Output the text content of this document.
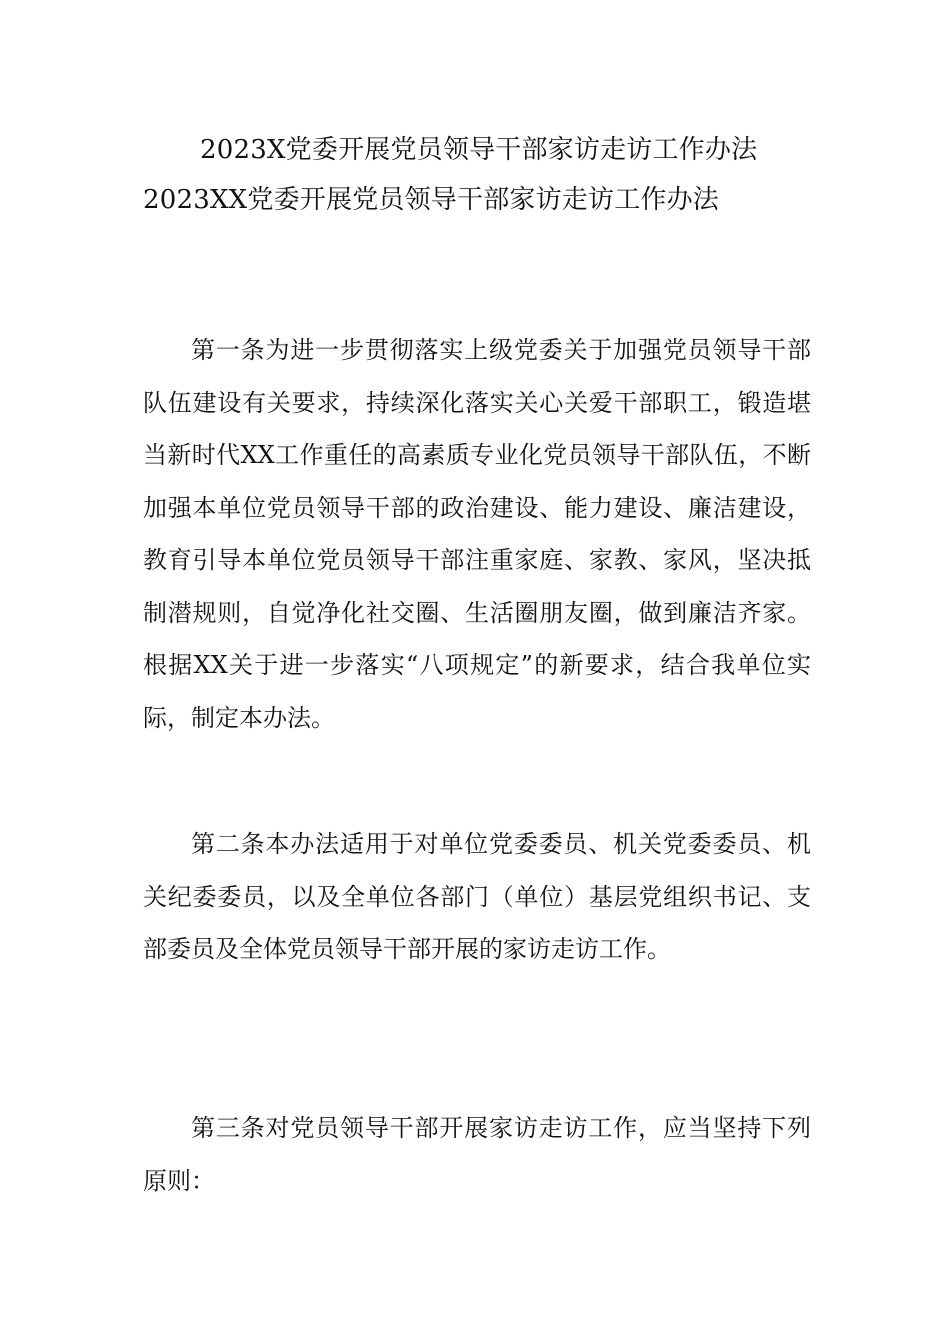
2023X党委开展党员领导干部家访走访工作办法
2023XX党委开展党员领导干部家访走访工作办法

第一条为进一步贯彻落实上级党委关于加强党员领导干部队伍建设有关要求，持续深化落实关心关爱干部职工，锻造堪当新时代XX工作重任的高素质专业化党员领导干部队伍，不断加强本单位党员领导干部的政治建设、能力建设、廉洁建设，教育引导本单位党员领导干部注重家庭、家教、家风，坚决抵制潜规则，自觉净化社交圈、生活圈朋友圈，做到廉洁齐家。根据XX关于进一步落实“八项规定”的新要求，结合我单位实际，制定本办法。

第二条本办法适用于对单位党委委员、机关党委委员、机关纪委委员，以及全单位各部门（单位）基层党组织书记、支部委员及全体党员领导干部开展的家访走访工作。

第三条对党员领导干部开展家访走访工作，应当坚持下列原则：
